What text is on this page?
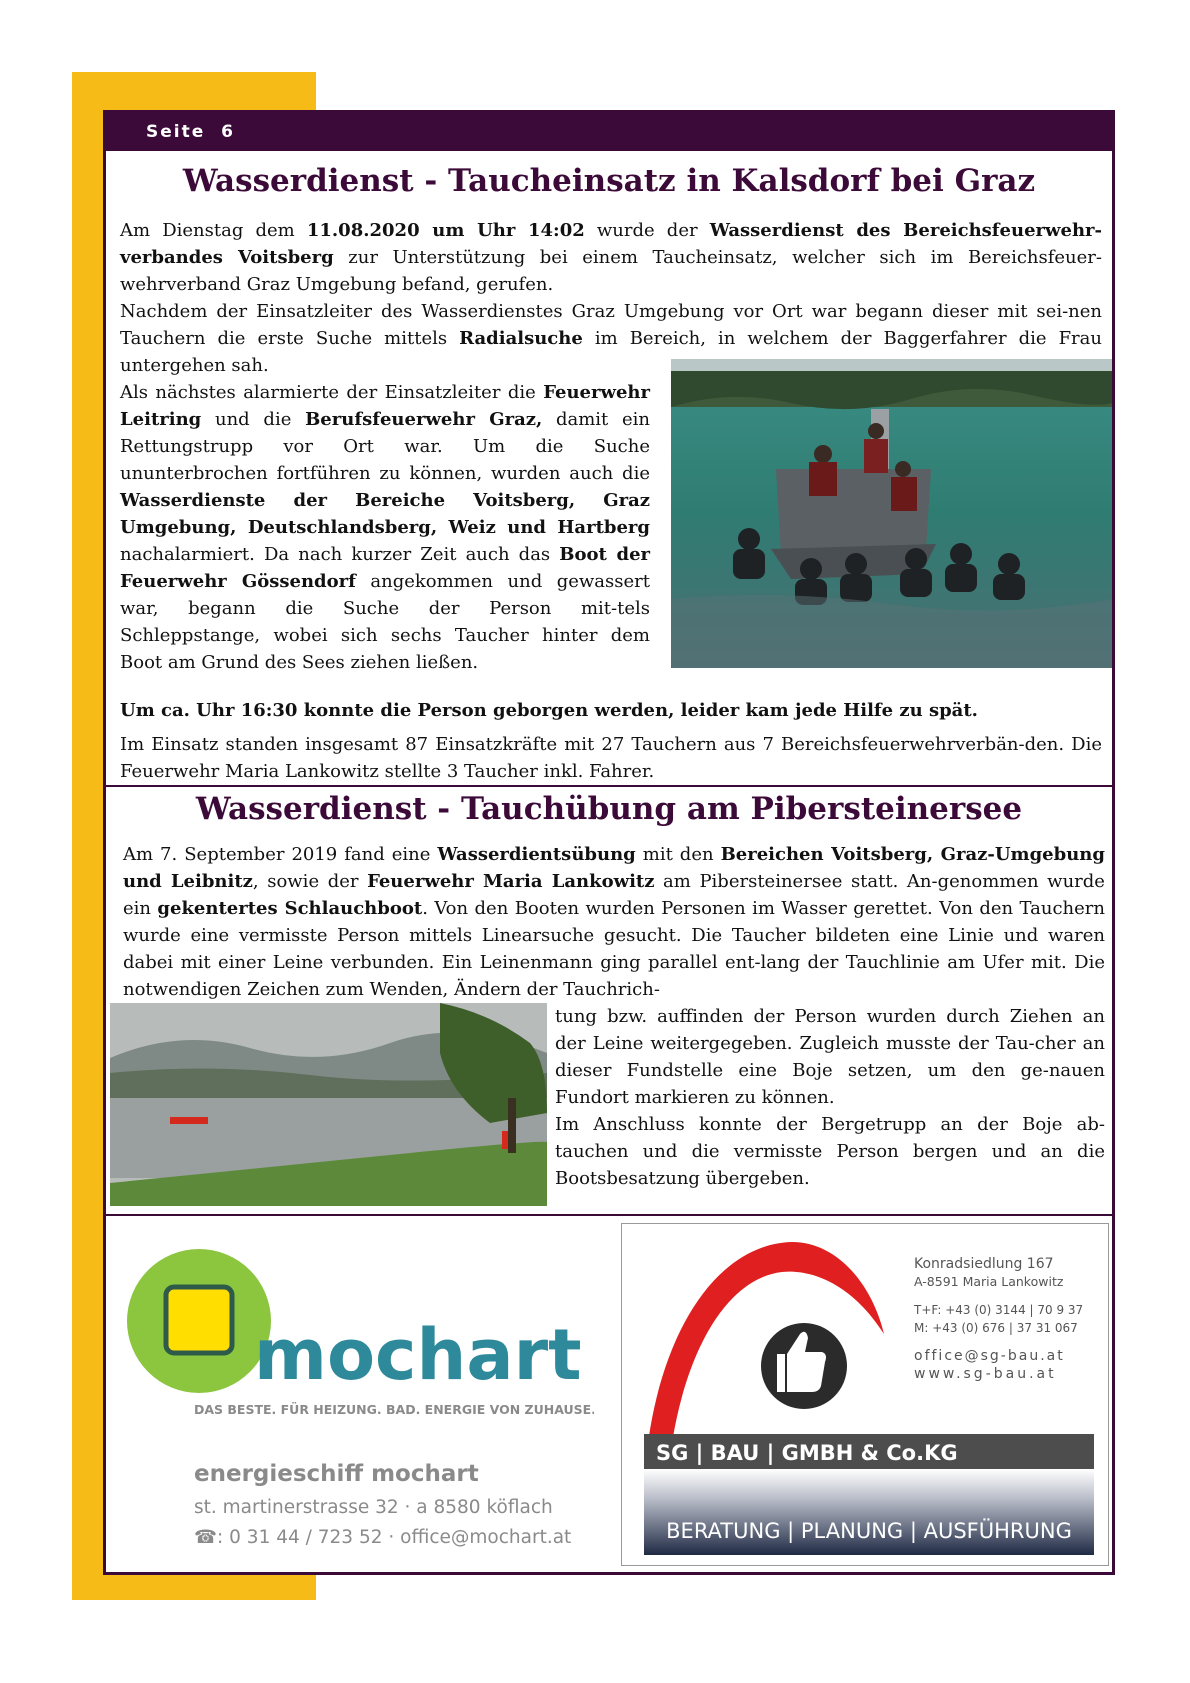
Seite  6
Wasserdienst - Taucheinsatz in Kalsdorf bei Graz

Am Dienstag dem 11.08.2020 um Uhr 14:02 wurde der Wasserdienst des Bereichsfeuerwehr-verbandes Voitsberg zur Unterstützung bei einem Taucheinsatz, welcher sich im Bereichsfeuer-wehrverband Graz Umgebung befand, gerufen.

Nachdem der Einsatzleiter des Wasserdienstes Graz Umgebung vor Ort war begann dieser mit sei-nen Tauchern die erste Suche mittels Radialsuche im Bereich, in welchem der Baggerfahrer die Frau untergehen sah.

Als nächstes alarmierte der Einsatzleiter die Feuerwehr Leitring und die Berufsfeuerwehr Graz, damit ein Rettungstrupp vor Ort war. Um die Suche ununterbrochen fortführen zu können, wurden auch die Wasserdienste der Bereiche Voitsberg, Graz Umgebung, Deutschlandsberg, Weiz und Hartberg nachalarmiert. Da nach kurzer Zeit auch das Boot der Feuerwehr Gössendorf angekommen und gewassert war, begann die Suche der Person mit-tels Schleppstange, wobei sich sechs Taucher hinter dem Boot am Grund des Sees ziehen ließen.

Um ca. Uhr 16:30 konnte die Person geborgen werden, leider kam jede Hilfe zu spät.

Im Einsatz standen insgesamt 87 Einsatzkräfte mit 27 Tauchern aus 7 Bereichsfeuerwehrverbän-den. Die Feuerwehr Maria Lankowitz stellte 3 Taucher inkl. Fahrer.

Wasserdienst - Tauchübung am Pibersteinersee

Am 7. September 2019 fand eine Wasserdientsübung mit den Bereichen Voitsberg, Graz-Umgebung und Leibnitz, sowie der Feuerwehr Maria Lankowitz am Pibersteinersee statt. An-genommen wurde ein gekentertes Schlauchboot. Von den Booten wurden Personen im Wasser gerettet. Von den Tauchern wurde eine vermisste Person mittels Linearsuche gesucht. Die Taucher bildeten eine Linie und waren dabei mit einer Leine verbunden. Ein Leinenmann ging parallel ent-lang der Tauchlinie am Ufer mit. Die notwendigen Zeichen zum Wenden, Ändern der Tauchrich-

tung bzw. auffinden der Person wurden durch Ziehen an der Leine weitergegeben. Zugleich musste der Tau-cher an dieser Fundstelle eine Boje setzen, um den ge-nauen Fundort markieren zu können.

Im Anschluss konnte der Bergetrupp an der Boje ab-tauchen und die vermisste Person bergen und an die Bootsbesatzung übergeben.

mochart
DAS BESTE. FÜR HEIZUNG. BAD. ENERGIE VON ZUHAUSE.
energieschiff mochart
st. martinerstrasse 32 · a 8580 köflach
☎: 0 31 44 / 723 52 · office@mochart.at
Konradsiedlung 167
A-8591 Maria Lankowitz
T+F: +43 (0) 3144 | 70 9 37
M: +43 (0) 676 | 37 31 067
office@sg-bau.at
www.sg-bau.at
SG | BAU | GMBH & Co.KG
BERATUNG | PLANUNG | AUSFÜHRUNG
